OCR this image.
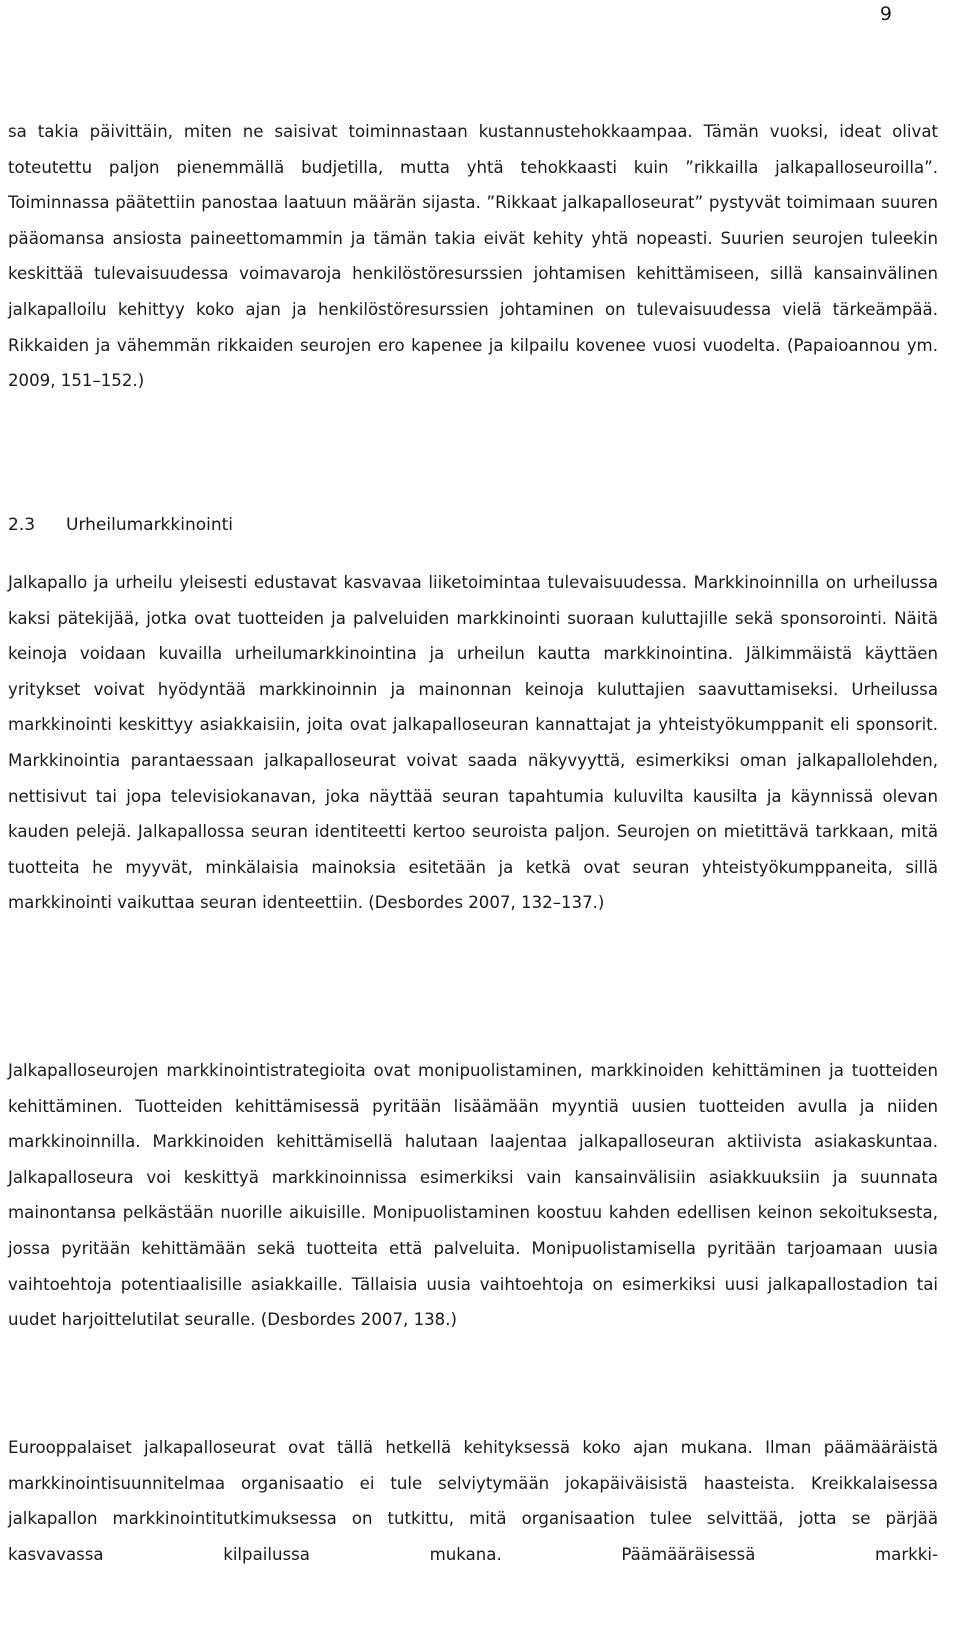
9

sa takia päivittäin, miten ne saisivat toiminnastaan kustannustehokkaampaa. Tämän vuoksi, ideat olivat toteutettu paljon pienemmällä budjetilla, mutta yhtä tehokkaasti kuin ”rikkailla jalkapalloseuroilla”. Toiminnassa päätettiin panostaa laatuun määrän sijasta. ”Rikkaat jalkapalloseurat” pystyvät toimimaan suuren pääomansa ansiosta paineettomammin ja tämän takia eivät kehity yhtä nopeasti. Suurien seurojen tuleekin keskittää tulevaisuudessa voimavaroja henkilöstöresurssien johtamisen kehittämiseen, sillä kansainvälinen jalkapalloilu kehittyy koko ajan ja henkilöstöresurssien johtaminen on tulevaisuudessa vielä tärkeämpää. Rikkaiden ja vähemmän rikkaiden seurojen ero kapenee ja kilpailu kovenee vuosi vuodelta. (Papaioannou ym. 2009, 151–152.)

2.3 Urheilumarkkinointi

Jalkapallo ja urheilu yleisesti edustavat kasvavaa liiketoimintaa tulevaisuudessa. Markkinoinnilla on urheilussa kaksi pätekijää, jotka ovat tuotteiden ja palveluiden markkinointi suoraan kuluttajille sekä sponsorointi. Näitä keinoja voidaan kuvailla urheilumarkkinointina ja urheilun kautta markkinointina. Jälkimmäistä käyttäen yritykset voivat hyödyntää markkinoinnin ja mainonnan keinoja kuluttajien saavuttamiseksi. Urheilussa markkinointi keskittyy asiakkaisiin, joita ovat jalkapalloseuran kannattajat ja yhteistyökumppanit eli sponsorit. Markkinointia parantaessaan jalkapalloseurat voivat saada näkyvyyttä, esimerkiksi oman jalkapallolehden, nettisivut tai jopa televisiokanavan, joka näyttää seuran tapahtumia kuluvilta kausilta ja käynnissä olevan kauden pelejä. Jalkapallossa seuran identiteetti kertoo seuroista paljon. Seurojen on mietittävä tarkkaan, mitä tuotteita he myyvät, minkälaisia mainoksia esitetään ja ketkä ovat seuran yhteistyökumppaneita, sillä markkinointi vaikuttaa seuran identeettiin. (Desbordes 2007, 132–137.)

Jalkapalloseurojen markkinointistrategioita ovat monipuolistaminen, markkinoiden kehittäminen ja tuotteiden kehittäminen. Tuotteiden kehittämisessä pyritään lisäämään myyntiä uusien tuotteiden avulla ja niiden markkinoinnilla. Markkinoiden kehittämisellä halutaan laajentaa jalkapalloseuran aktiivista asiakaskuntaa. Jalkapalloseura voi keskittyä markkinoinnissa esimerkiksi vain kansainvälisiin asiakkuuksiin ja suunnata mainontansa pelkästään nuorille aikuisille. Monipuolistaminen koostuu kahden edellisen keinon sekoituksesta, jossa pyritään kehittämään sekä tuotteita että palveluita. Monipuolistamisella pyritään tarjoamaan uusia vaihtoehtoja potentiaalisille asiakkaille. Tällaisia uusia vaihtoehtoja on esimerkiksi uusi jalkapallostadion tai uudet harjoittelutilat seuralle. (Desbordes 2007, 138.)

Eurooppalaiset jalkapalloseurat ovat tällä hetkellä kehityksessä koko ajan mukana. Ilman päämääräistä markkinointisuunnitelmaa organisaatio ei tule selviytymään jokapäiväisistä haasteista. Kreikkalaisessa jalkapallon markkinointitutkimuksessa on tutkittu, mitä organisaation tulee selvittää, jotta se pärjää kasvavassa kilpailussa mukana. Päämääräisessä markki-
